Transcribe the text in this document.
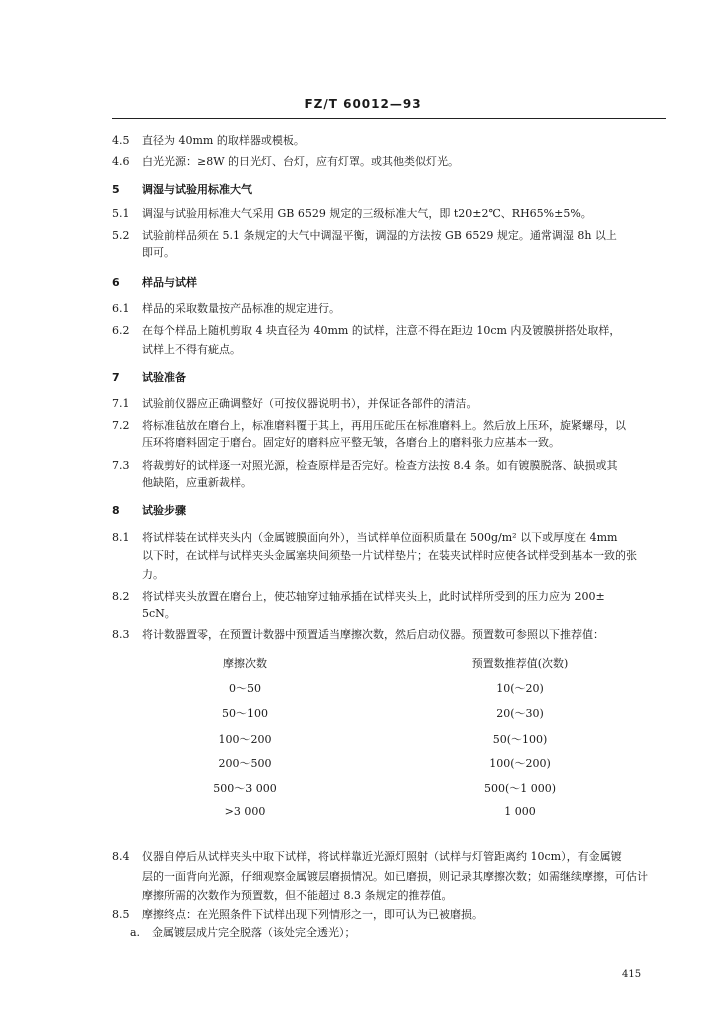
FZ/T 60012—93
4.5 直径为 40mm 的取样器或模板。
4.6 白光光源：≥8W 的日光灯、台灯，应有灯罩。或其他类似灯光。
5 调湿与试验用标准大气
5.1 调湿与试验用标准大气采用 GB 6529 规定的三级标准大气，即 t20±2℃、RH65%±5%。
5.2 试验前样品须在 5.1 条规定的大气中调湿平衡，调湿的方法按 GB 6529 规定。通常调湿 8h 以上
即可。
6 样品与试样
6.1 样品的采取数量按产品标准的规定进行。
6.2 在每个样品上随机剪取 4 块直径为 40mm 的试样，注意不得在距边 10cm 内及镀膜拼搭处取样，
试样上不得有疵点。
7 试验准备
7.1 试验前仪器应正确调整好（可按仪器说明书），并保证各部件的清洁。
7.2 将标准毡放在磨台上，标准磨料覆于其上，再用压砣压在标准磨料上。然后放上压环，旋紧螺母，以
压环将磨料固定于磨台。固定好的磨料应平整无皱，各磨台上的磨料张力应基本一致。
7.3 将裁剪好的试样逐一对照光源，检查原样是否完好。检查方法按 8.4 条。如有镀膜脱落、缺损或其
他缺陷，应重新裁样。
8 试验步骤
8.1 将试样装在试样夹头内（金属镀膜面向外），当试样单位面积质量在 500g/m² 以下或厚度在 4mm
以下时，在试样与试样夹头金属塞块间须垫一片试样垫片；在装夹试样时应使各试样受到基本一致的张
力。
8.2 将试样夹头放置在磨台上，使芯轴穿过轴承插在试样夹头上，此时试样所受到的压力应为 200±
5cN。
8.3 将计数器置零，在预置计数器中预置适当摩擦次数，然后启动仪器。预置数可参照以下推荐值：
摩擦次数	预置数推荐值(次数)
0～50	10(～20)
50～100	20(～30)
100～200	50(～100)
200～500	100(～200)
500～3 000	500(～1 000)
>3 000	1 000
8.4 仪器自停后从试样夹头中取下试样，将试样靠近光源灯照射（试样与灯管距离约 10cm），有金属镀
层的一面背向光源，仔细观察金属镀层磨损情况。如已磨损，则记录其摩擦次数；如需继续摩擦，可估计
摩擦所需的次数作为预置数，但不能超过 8.3 条规定的推荐值。
8.5 摩擦终点：在光照条件下试样出现下列情形之一，即可认为已被磨损。
a. 金属镀层成片完全脱落（该处完全透光）；
415
